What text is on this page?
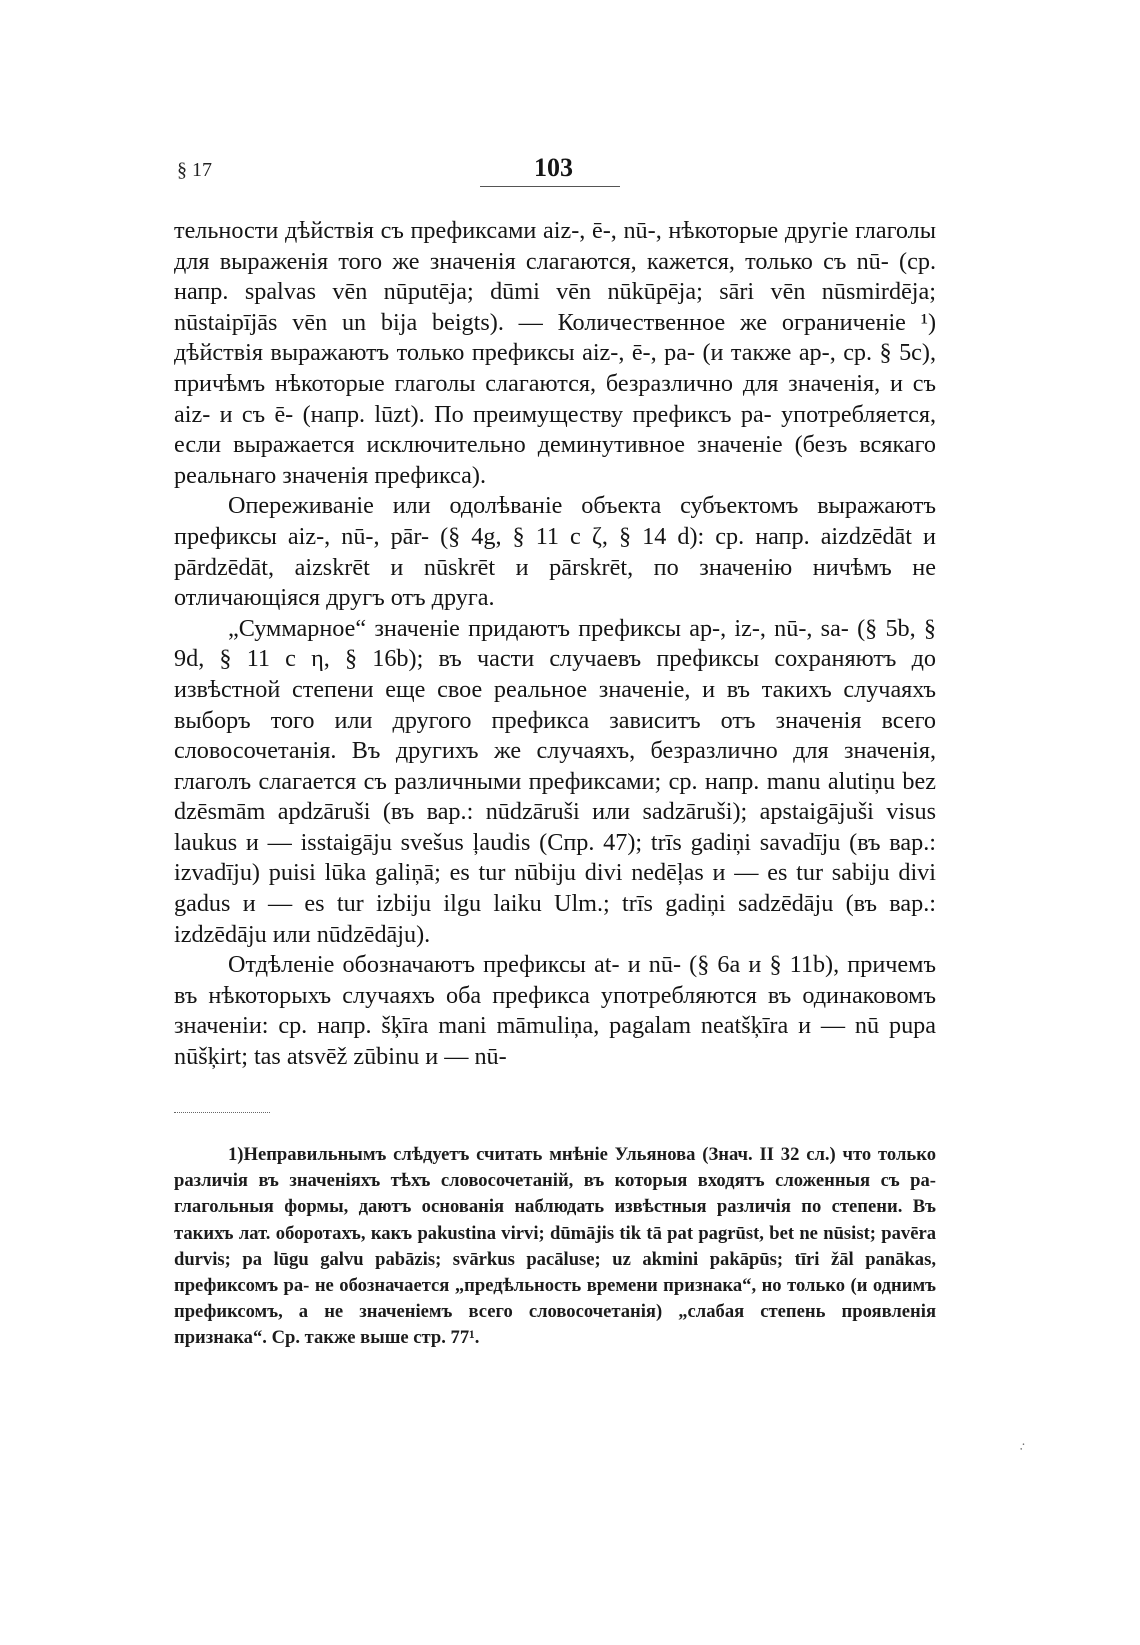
§ 17	103

тельности дѣйствія съ префиксами aiz-, ē-, nū-, нѣкоторые другіе глаголы для выраженія того же значенія слагаются, кажется, только съ nū- (ср. напр. spalvas vēn nūputēja; dūmi vēn nūkūpēja; sāri vēn nūsmirdēja; nūstaipījās vēn un bija beigts). — Количественное же ограниченіе ¹) дѣйствія выражаютъ только префиксы aiz-, ē-, pa- (и также ap-, ср. § 5c), причѣмъ нѣкоторые глаголы слагаются, безразлично для значенія, и съ aiz- и съ ē- (напр. lūzt). По преимуществу префиксъ pa- употребляется, если выражается исключительно деминутивное значеніе (безъ всякаго реальнаго значенія префикса).

Опереживаніе или одолѣваніе объекта субъектомъ выражаютъ префиксы aiz-, nū-, pār- (§ 4g, § 11 c ζ, § 14 d): ср. напр. aizdzēdāt и pārdzēdāt, aizskrēt и nūskrēt и pārskrēt, по значенію ничѣмъ не отличающіяся другъ отъ друга.

„Суммарное“ значеніе придаютъ префиксы ap-, iz-, nū-, sa- (§ 5b, § 9d, § 11 c η, § 16b); въ части случаевъ префиксы сохраняютъ до извѣстной степени еще свое реальное значеніе, и въ такихъ случаяхъ выборъ того или другого префикса зависитъ отъ значенія всего словосочетанія. Въ другихъ же случаяхъ, безразлично для значенія, глаголъ слагается съ различными префиксами; ср. напр. manu alutiņu bez dzēsmām apdzāruši (въ вар.: nūdzāruši или sadzāruši); apstaigājuši visus laukus и — isstaigāju svešus ļaudis (Спр. 47); trīs gadiņi savadīju (въ вар.: izvadīju) puisi lūka galiņā; es tur nūbiju divi nedēļas и — es tur sabiju divi gadus и — es tur izbiju ilgu laiku Ulm.; trīs gadiņi sadzēdāju (въ вар.: izdzēdāju или nūdzēdāju).

Отдѣленіе обозначаютъ префиксы at- и nū- (§ 6a и § 11b), причемъ въ нѣкоторыхъ случаяхъ оба префикса употребляются въ одинаковомъ значеніи: ср. напр. šķīra mani māmuliņa, pagalam neatšķīra и — nū pupa nūšķirt; tas atsvēž zūbinu и — nū-

1)Неправильнымъ слѣдуетъ считать мнѣніе Ульянова (Знач. II 32 сл.) что только различія въ значеніяхъ тѣхъ словосочетаній, въ которыя входятъ сложенныя съ pa- глагольныя формы, даютъ основанія наблюдать извѣстныя различія по степени. Въ такихъ лат. оборотахъ, какъ pakustina virvi; dūmājis tik tā pat pagrūst, bet ne nūsist; pavēra durvis; pa lūgu galvu pabāzis; svārkus pacāluse; uz akmini pakāpūs; tīri žāl panākas, префиксомъ pa- не обозначается „предѣльность времени признака“, но только (и однимъ префиксомъ, а не значеніемъ всего словосочетанія) „слабая степень проявленія признака“. Ср. также выше стр. 77¹.
.·
